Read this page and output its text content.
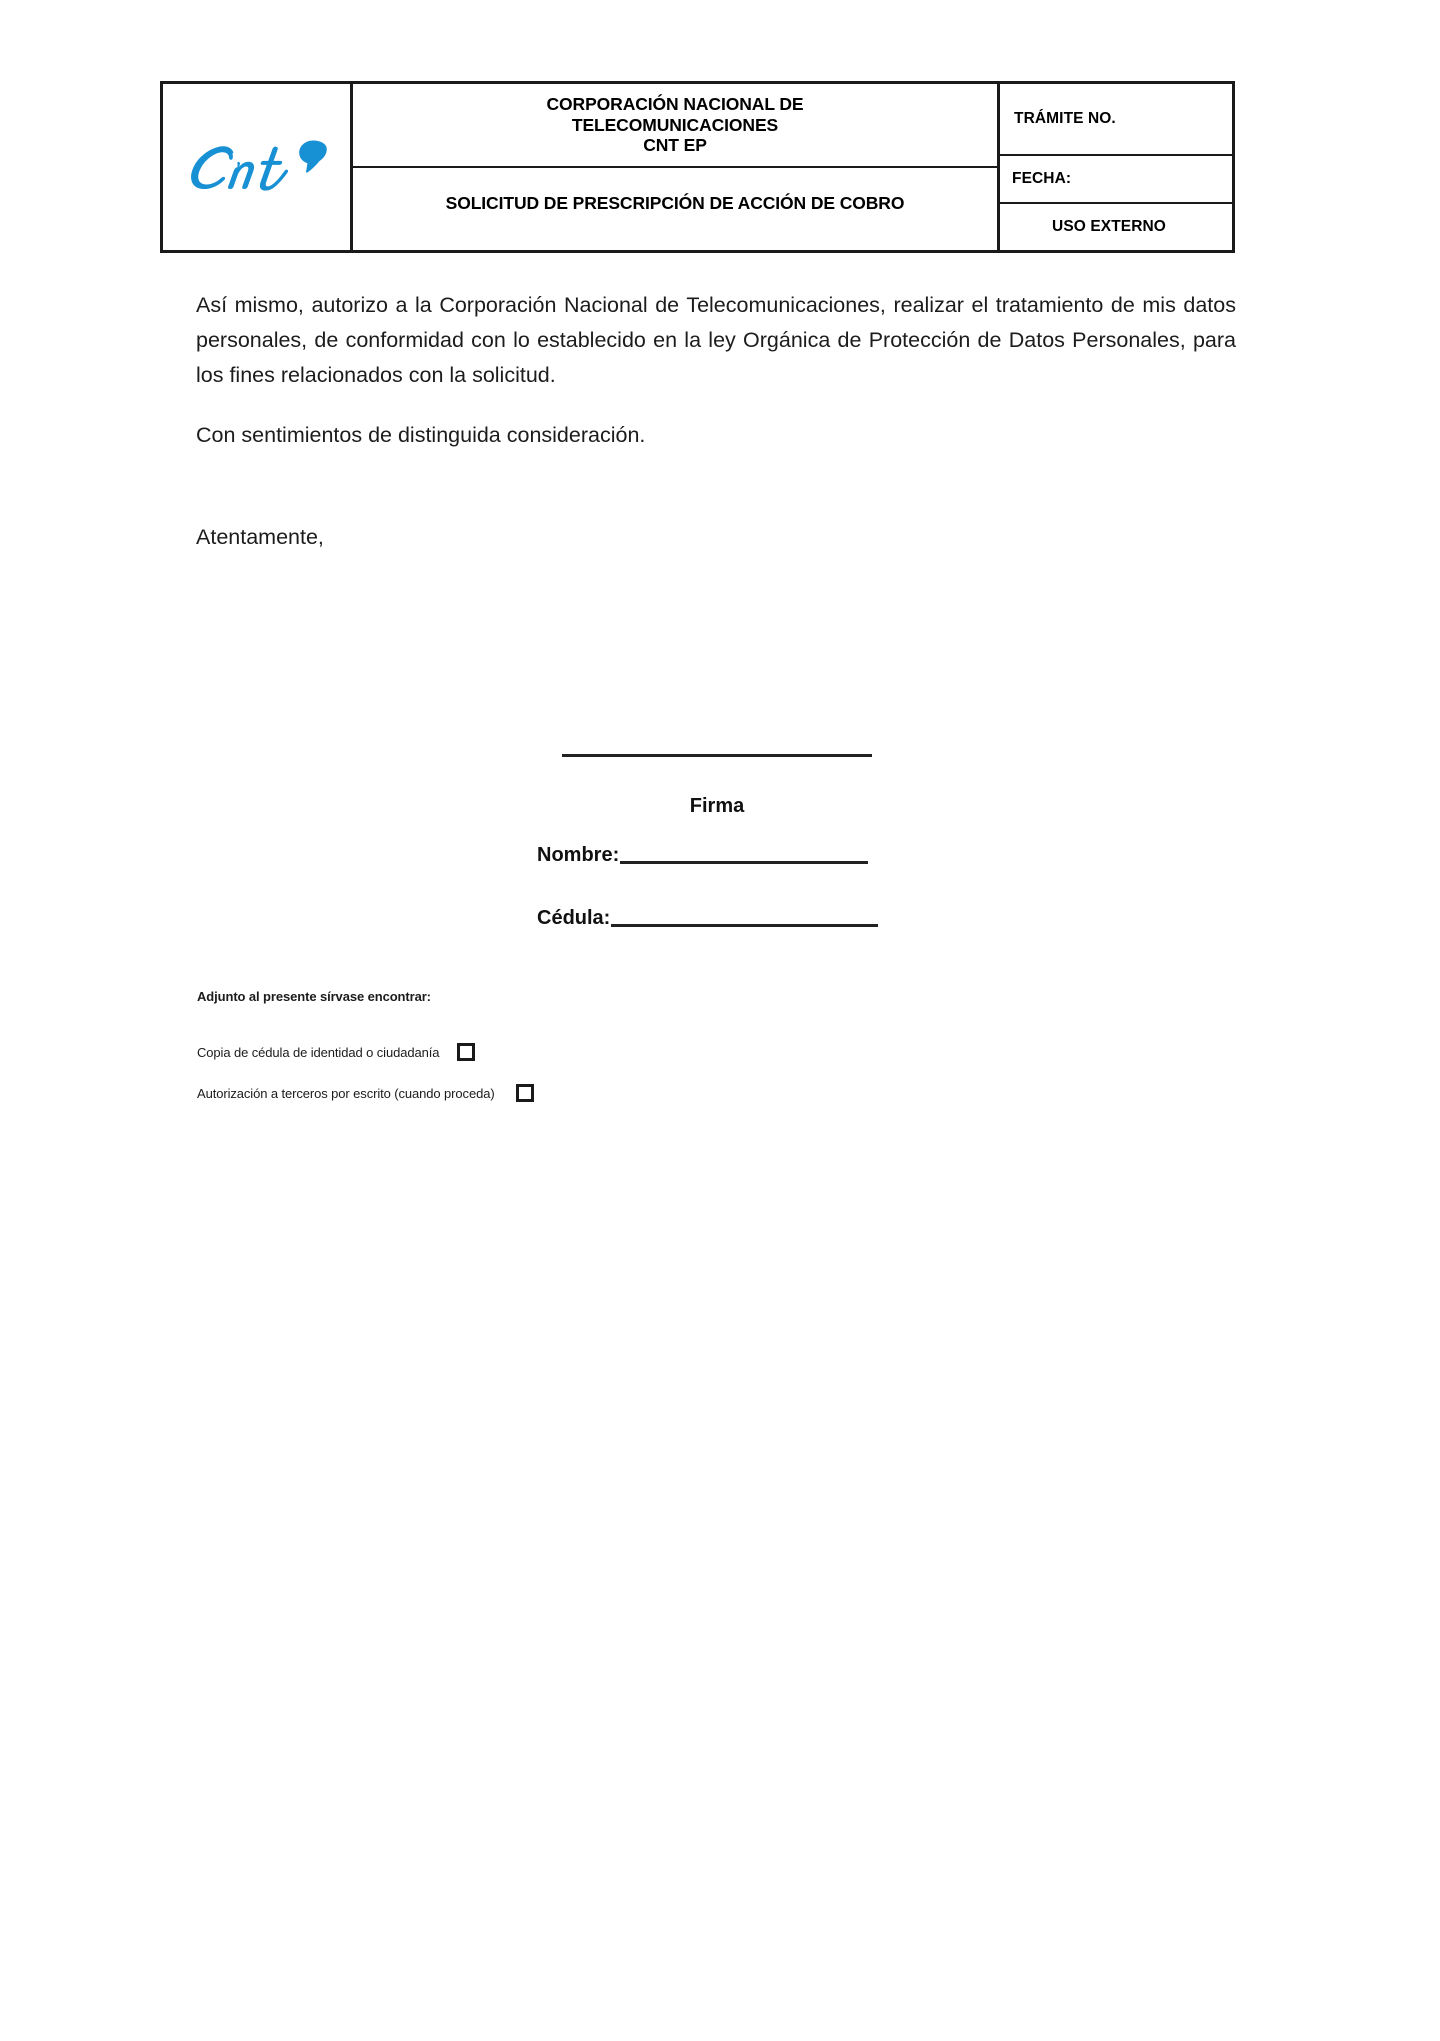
CORPORACIÓN NACIONAL DE
TELECOMUNICACIONES
CNT EP
SOLICITUD DE PRESCRIPCIÓN DE ACCIÓN DE COBRO
TRÁMITE NO.
FECHA:
USO EXTERNO

Así mismo, autorizo a la Corporación Nacional de Telecomunicaciones, realizar el tratamiento de mis datos personales, de conformidad con lo establecido en la ley Orgánica de Protección de Datos Personales, para los fines relacionados con la solicitud.

Con sentimientos de distinguida consideración.

Atentamente,
Firma
Nombre:
Cédula:
Adjunto al presente sírvase encontrar:
Copia de cédula de identidad o ciudadanía
Autorización a terceros por escrito (cuando proceda)
